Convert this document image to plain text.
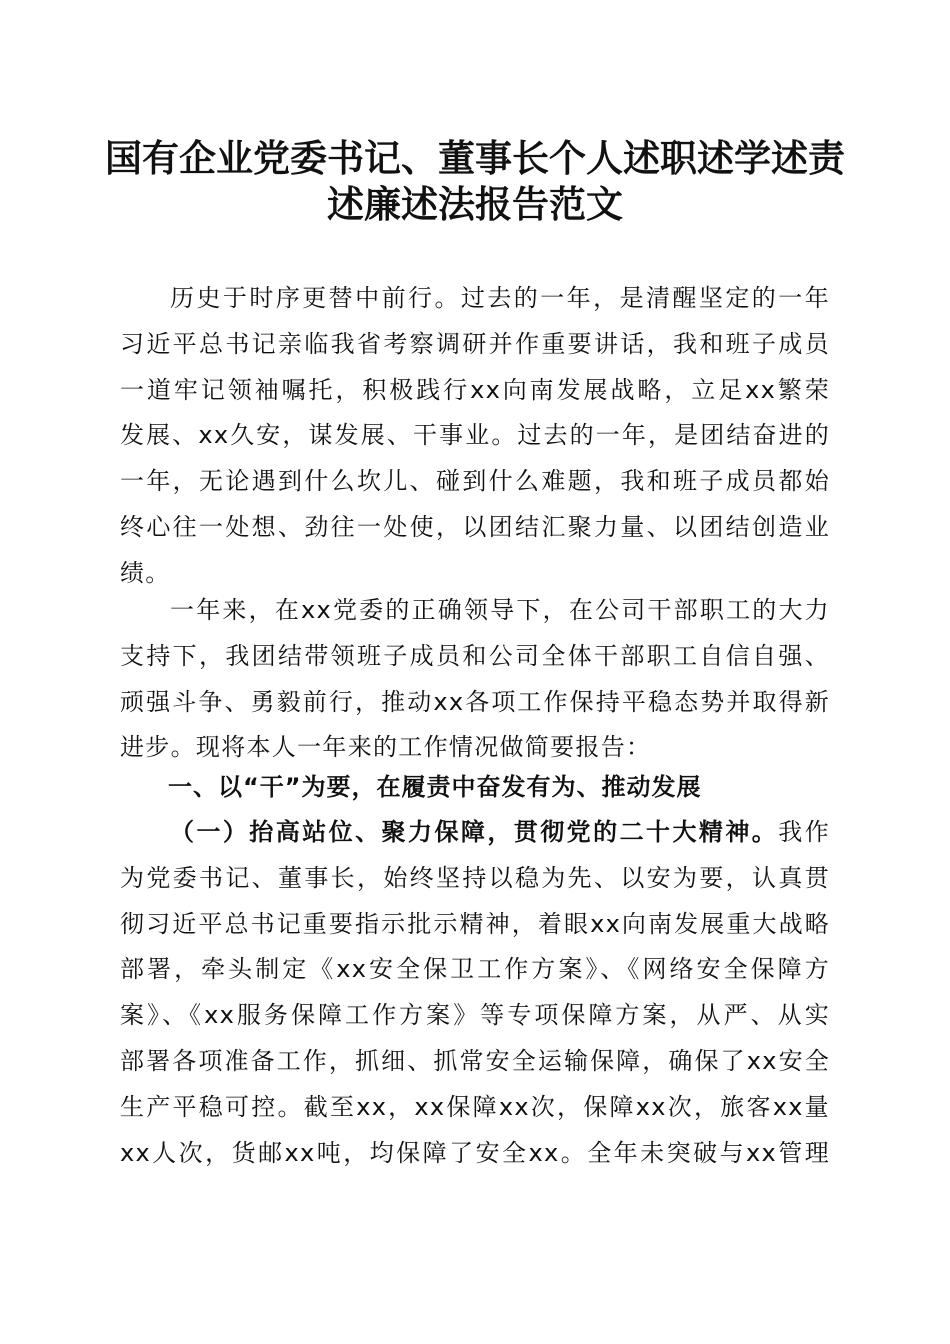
国有企业党委书记、董事长个人述职述学述责
述廉述法报告范文
历史于时序更替中前行。过去的一年，是清醒坚定的一年
习近平总书记亲临我省考察调研并作重要讲话，我和班子成员
一道牢记领袖嘱托，积极践行xx向南发展战略，立足xx繁荣
发展、xx久安，谋发展、干事业。过去的一年，是团结奋进的
一年，无论遇到什么坎儿、碰到什么难题，我和班子成员都始
终心往一处想、劲往一处使，以团结汇聚力量、以团结创造业
绩。
一年来，在xx党委的正确领导下，在公司干部职工的大力
支持下，我团结带领班子成员和公司全体干部职工自信自强、
顽强斗争、勇毅前行，推动xx各项工作保持平稳态势并取得新
进步。现将本人一年来的工作情况做简要报告：
一、以“干”为要，在履责中奋发有为、推动发展
（一）抬高站位、聚力保障，贯彻党的二十大精神。我作
为党委书记、董事长，始终坚持以稳为先、以安为要，认真贯
彻习近平总书记重要指示批示精神，着眼xx向南发展重大战略
部署，牵头制定《xx安全保卫工作方案》、《网络安全保障方
案》、《xx服务保障工作方案》等专项保障方案，从严、从实
部署各项准备工作，抓细、抓常安全运输保障，确保了xx安全
生产平稳可控。截至xx，xx保障xx次，保障xx次，旅客xx量
xx人次，货邮xx吨，均保障了安全xx。全年未突破与xx管理
